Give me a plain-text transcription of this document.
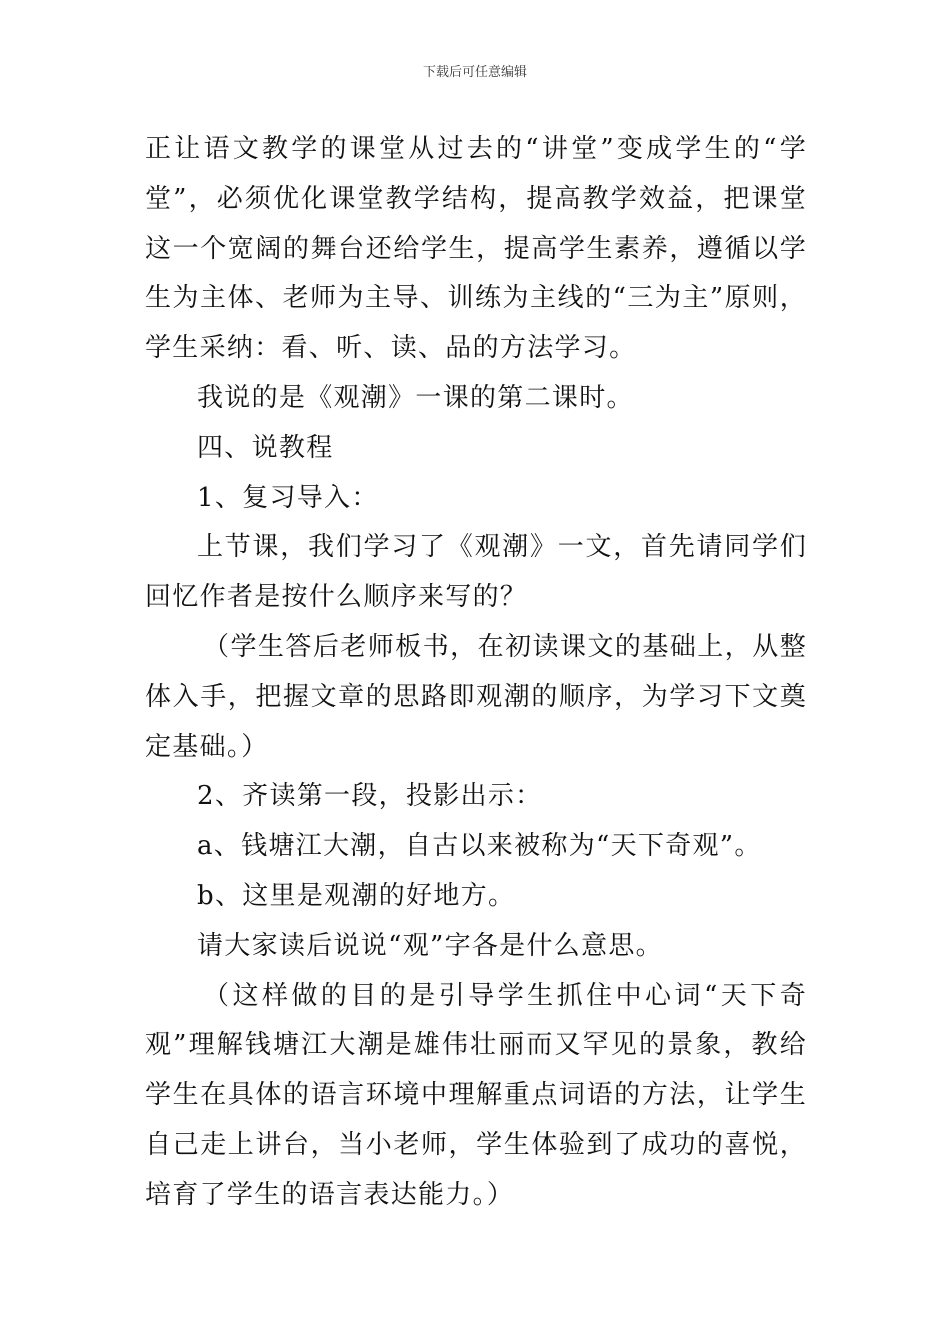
下载后可任意编辑

正让语文教学的课堂从过去的“讲堂”变成学生的“学堂”，必须优化课堂教学结构，提高教学效益，把课堂这一个宽阔的舞台还给学生，提高学生素养，遵循以学生为主体、老师为主导、训练为主线的“三为主”原则，学生采纳：看、听、读、品的方法学习。

我说的是《观潮》一课的第二课时。

四、说教程

1、复习导入：

上节课，我们学习了《观潮》一文，首先请同学们回忆作者是按什么顺序来写的？

（学生答后老师板书，在初读课文的基础上，从整体入手，把握文章的思路即观潮的顺序，为学习下文奠定基础。）

2、齐读第一段，投影出示：

a、钱塘江大潮，自古以来被称为“天下奇观”。

b、这里是观潮的好地方。

请大家读后说说“观”字各是什么意思。

（这样做的目的是引导学生抓住中心词“天下奇观”理解钱塘江大潮是雄伟壮丽而又罕见的景象，教给学生在具体的语言环境中理解重点词语的方法，让学生自己走上讲台，当小老师，学生体验到了成功的喜悦，培育了学生的语言表达能力。）
